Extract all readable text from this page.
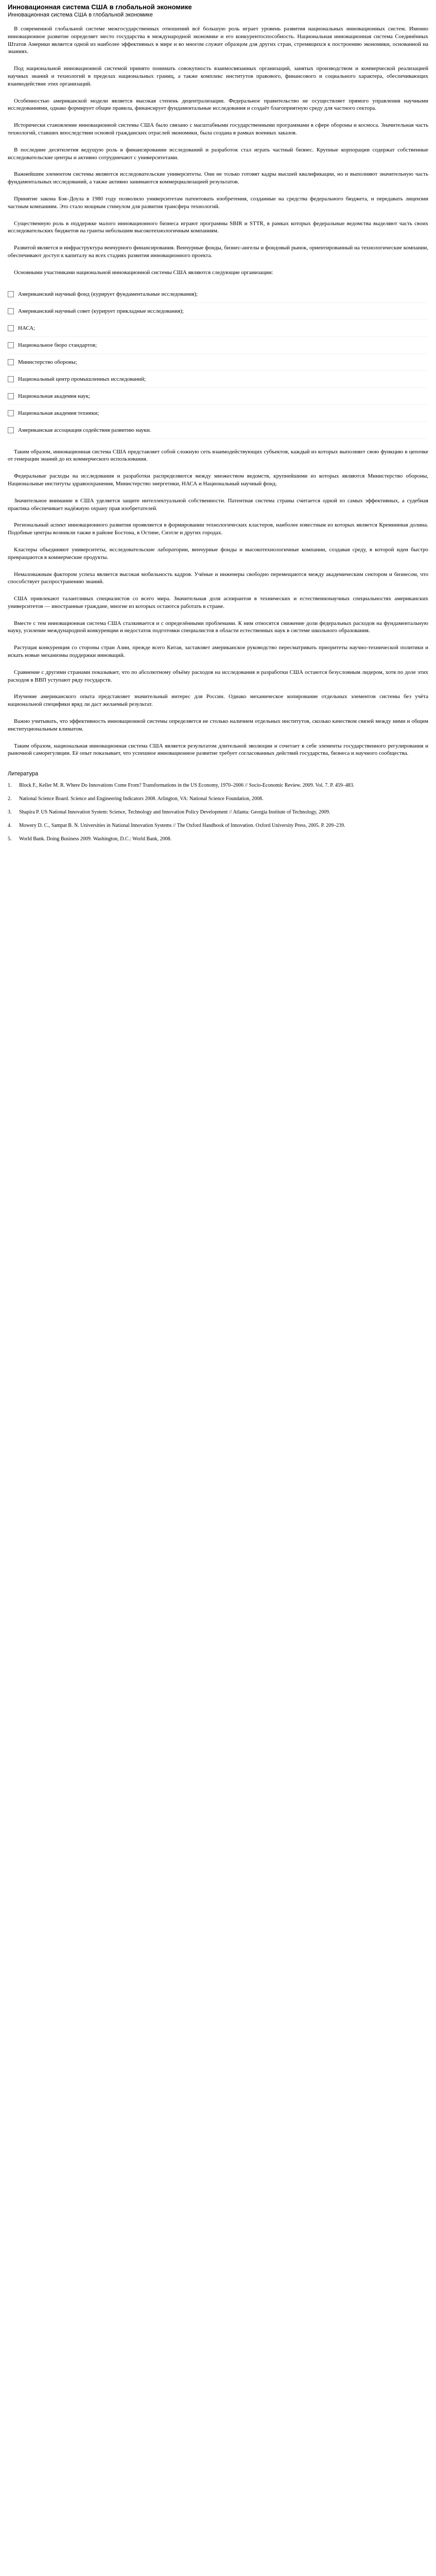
Инновационная система США в глобальной экономике
Инновационная система США в глобальной экономике

В современной глобальной системе межгосударственных отношений всё большую роль играет уровень развития национальных инновационных систем. Именно инновационное развитие определяет место государства в международной экономике и его конкурентоспособность. Национальная инновационная система Соединённых Штатов Америки является одной из наиболее эффективных в мире и во многом служит образцом для других стран, стремящихся к построению экономики, основанной на знаниях.

Под национальной инновационной системой принято понимать совокупность взаимосвязанных организаций, занятых производством и коммерческой реализацией научных знаний и технологий в пределах национальных границ, а также комплекс институтов правового, финансового и социального характера, обеспечивающих взаимодействие этих организаций.

Особенностью американской модели является высокая степень децентрализации. Федеральное правительство не осуществляет прямого управления научными исследованиями, однако формирует общие правила, финансирует фундаментальные исследования и создаёт благоприятную среду для частного сектора.

Исторически становление инновационной системы США было связано с масштабными государственными программами в сфере обороны и космоса. Значительная часть технологий, ставших впоследствии основой гражданских отраслей экономики, была создана в рамках военных заказов.

В последние десятилетия ведущую роль в финансировании исследований и разработок стал играть частный бизнес. Крупные корпорации содержат собственные исследовательские центры и активно сотрудничают с университетами.

Важнейшим элементом системы являются исследовательские университеты. Они не только готовят кадры высшей квалификации, но и выполняют значительную часть фундаментальных исследований, а также активно занимаются коммерциализацией результатов.

Принятие закона Бэя–Доула в 1980 году позволило университетам патентовать изобретения, созданные на средства федерального бюджета, и передавать лицензии частным компаниям. Это стало мощным стимулом для развития трансфера технологий.

Существенную роль в поддержке малого инновационного бизнеса играют программы SBIR и STTR, в рамках которых федеральные ведомства выделяют часть своих исследовательских бюджетов на гранты небольшим высокотехнологичным компаниям.

Развитой является и инфраструктура венчурного финансирования. Венчурные фонды, бизнес-ангелы и фондовый рынок, ориентированный на технологические компании, обеспечивают доступ к капиталу на всех стадиях развития инновационного проекта.

Основными участниками национальной инновационной системы США являются следующие организации:

Американский научный фонд (курирует фундаментальные исследования);
Американский научный совет (курирует прикладные исследования);
НАСА;
Национальное бюро стандартов;
Министерство обороны;
Национальный центр промышленных исследований;
Национальная академия наук;
Национальная академия техники;
Американская ассоциация содействия развитию науки.

Таким образом, инновационная система США представляет собой сложную сеть взаимодействующих субъектов, каждый из которых выполняет свою функцию в цепочке от генерации знаний до их коммерческого использования.

Федеральные расходы на исследования и разработки распределяются между множеством ведомств, крупнейшими из которых являются Министерство обороны, Национальные институты здравоохранения, Министерство энергетики, НАСА и Национальный научный фонд.

Значительное внимание в США уделяется защите интеллектуальной собственности. Патентная система страны считается одной из самых эффективных, а судебная практика обеспечивает надёжную охрану прав изобретателей.

Региональный аспект инновационного развития проявляется в формировании технологических кластеров, наиболее известным из которых является Кремниевая долина. Подобные центры возникли также в районе Бостона, в Остине, Сиэтле и других городах.

Кластеры объединяют университеты, исследовательские лаборатории, венчурные фонды и высокотехнологичные компании, создавая среду, в которой идеи быстро превращаются в коммерческие продукты.

Немаловажным фактором успеха является высокая мобильность кадров. Учёные и инженеры свободно перемещаются между академическим сектором и бизнесом, что способствует распространению знаний.

США привлекают талантливых специалистов со всего мира. Значительная доля аспирантов в технических и естественнонаучных специальностях американских университетов — иностранные граждане, многие из которых остаются работать в стране.

Вместе с тем инновационная система США сталкивается и с определёнными проблемами. К ним относятся снижение доли федеральных расходов на фундаментальную науку, усиление международной конкуренции и недостаток подготовки специалистов в области естественных наук в системе школьного образования.

Растущая конкуренция со стороны стран Азии, прежде всего Китая, заставляет американское руководство пересматривать приоритеты научно-технической политики и искать новые механизмы поддержки инноваций.

Сравнение с другими странами показывает, что по абсолютному объёму расходов на исследования и разработки США остаются безусловным лидером, хотя по доле этих расходов в ВВП уступают ряду государств.

Изучение американского опыта представляет значительный интерес для России. Однако механическое копирование отдельных элементов системы без учёта национальной специфики вряд ли даст желаемый результат.

Важно учитывать, что эффективность инновационной системы определяется не столько наличием отдельных институтов, сколько качеством связей между ними и общим институциональным климатом.

Таким образом, национальная инновационная система США является результатом длительной эволюции и сочетает в себе элементы государственного регулирования и рыночной саморегуляции. Её опыт показывает, что успешное инновационное развитие требует согласованных действий государства, бизнеса и научного сообщества.

Литература
1.	Block F., Keller M. R. Where Do Innovations Come From? Transformations in the US Economy, 1970–2006 // Socio-Economic Review. 2009. Vol. 7. P. 459–483.
2.	National Science Board. Science and Engineering Indicators 2008. Arlington, VA: National Science Foundation, 2008.
3.	Shapira P. US National Innovation System: Science, Technology and Innovation Policy Development // Atlanta: Georgia Institute of Technology, 2009.
4.	Mowery D. C., Sampat B. N. Universities in National Innovation Systems // The Oxford Handbook of Innovation. Oxford University Press, 2005. P. 209–239.
5.	World Bank. Doing Business 2009. Washington, D.C.: World Bank, 2008.
